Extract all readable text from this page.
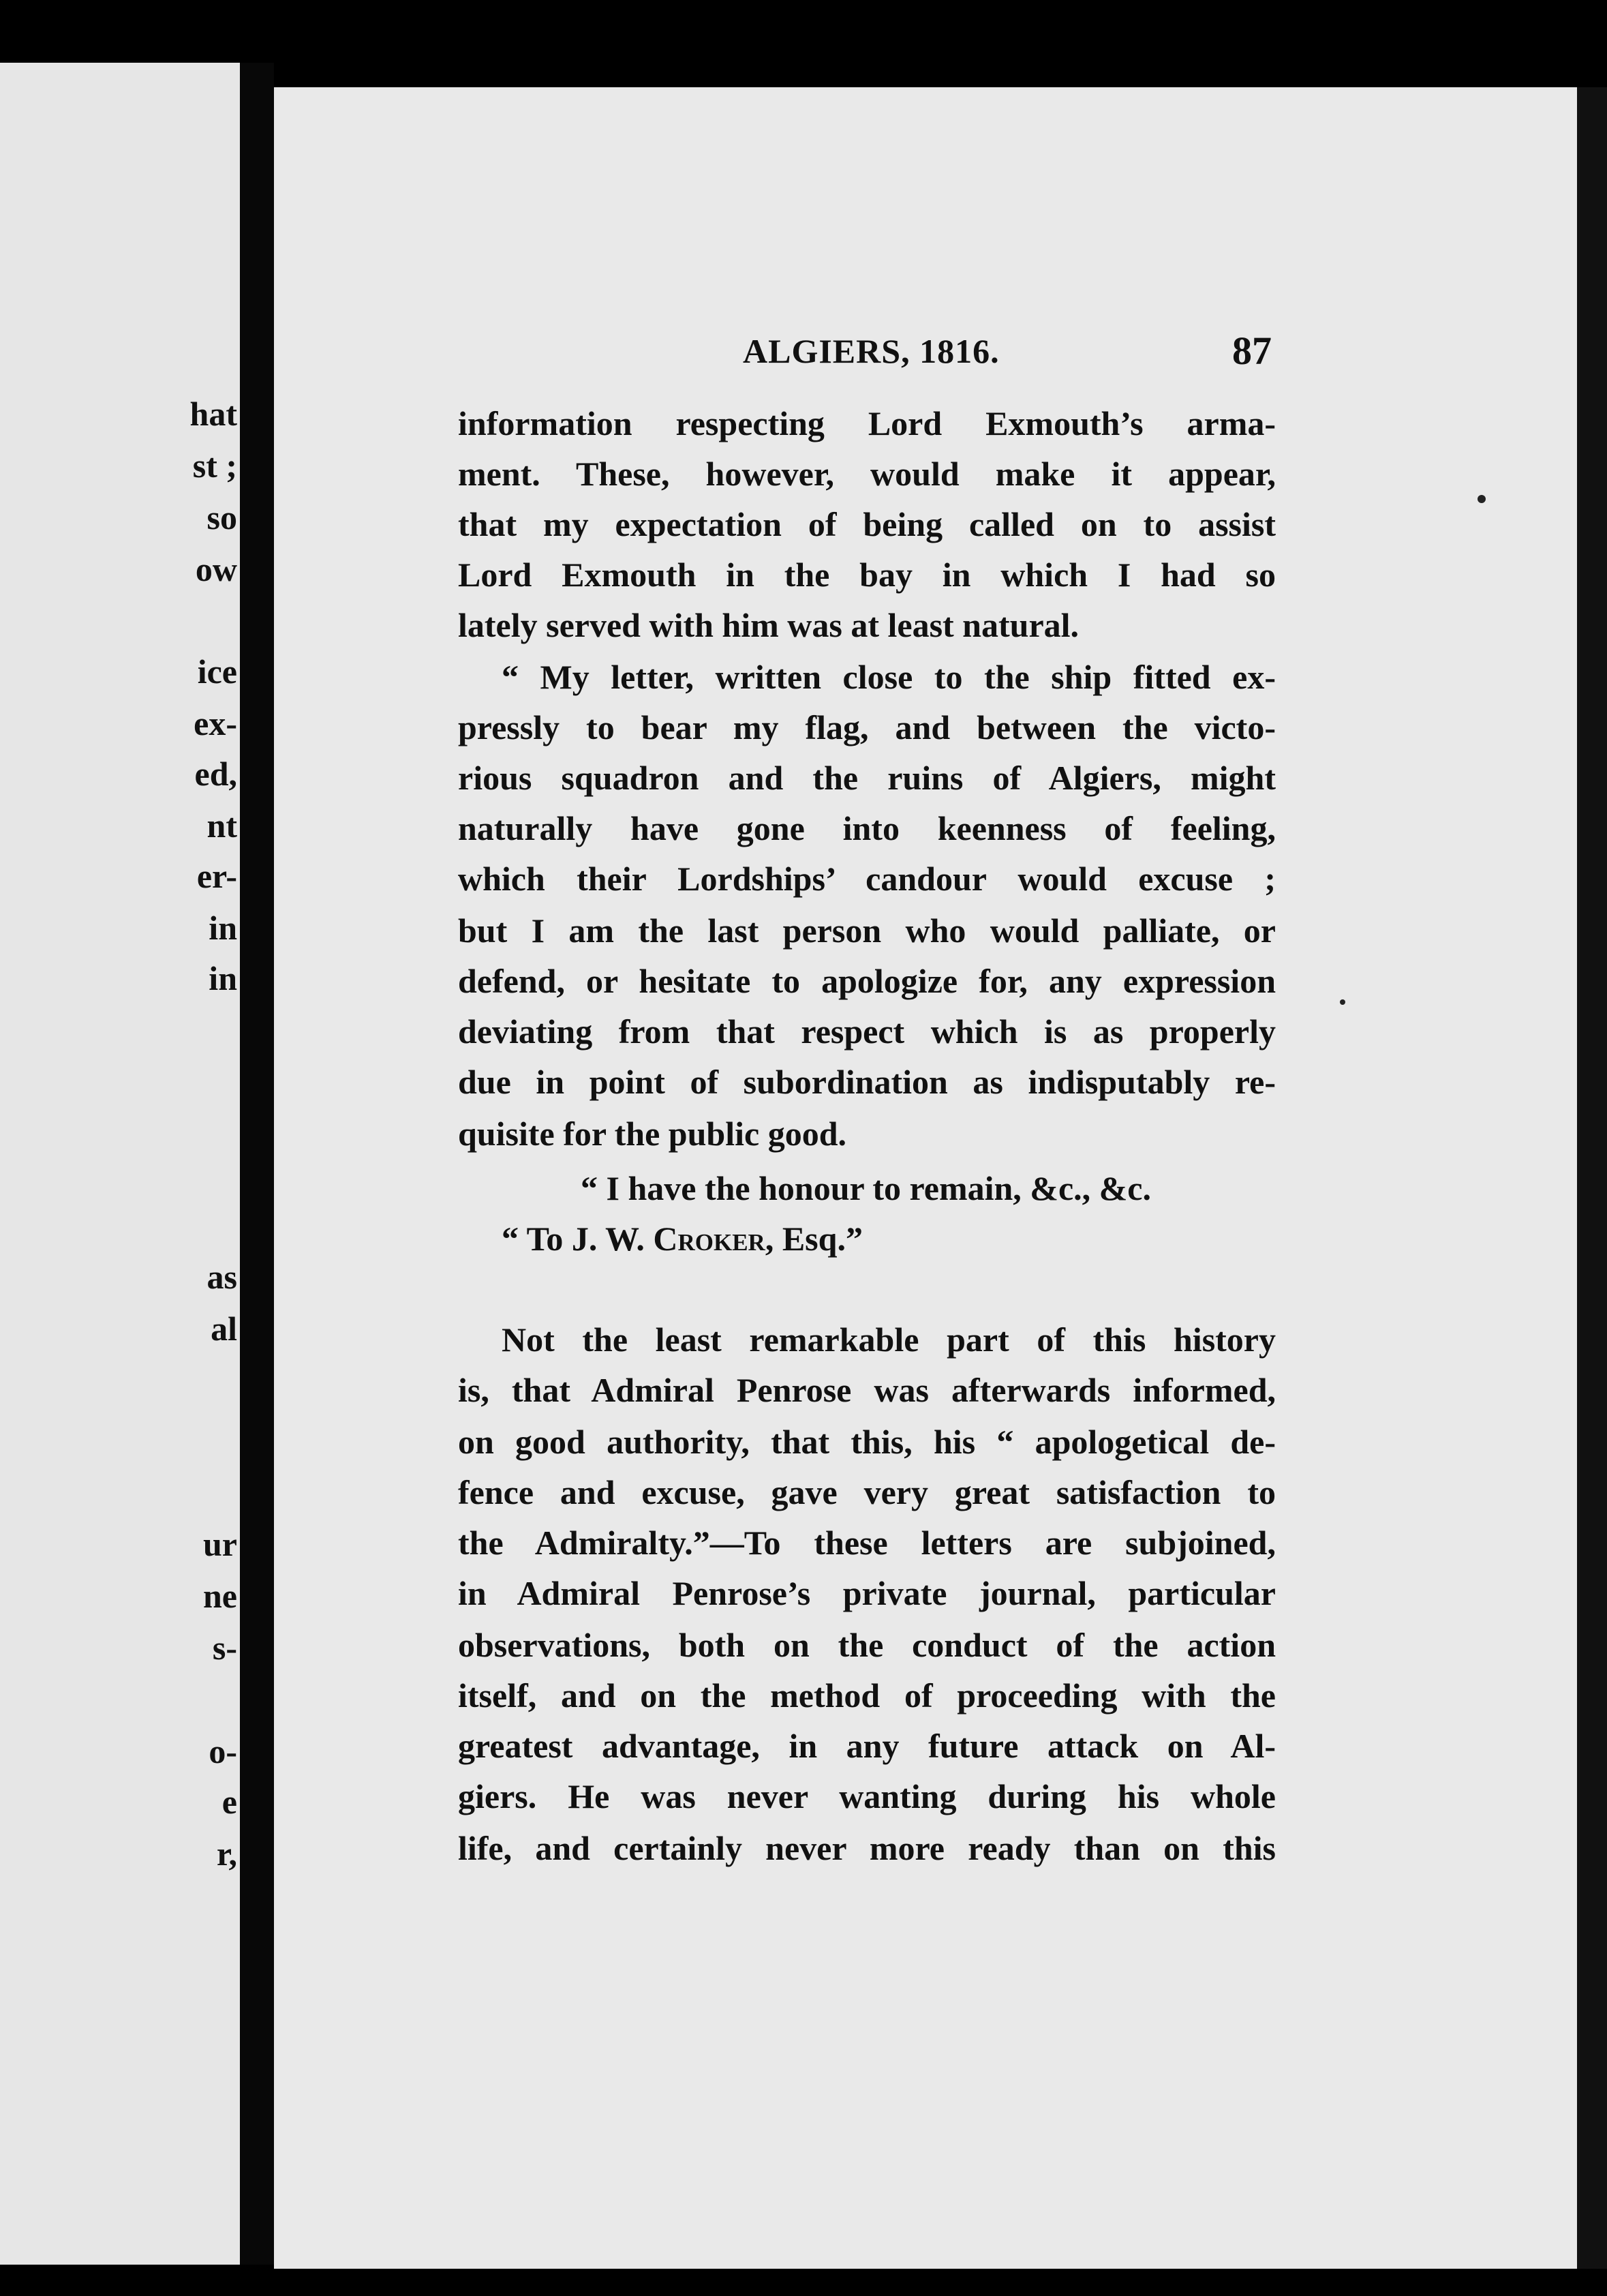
hat
st ;
so
ow
ice
ex-
ed,
nt
er-
in
in
as
al
ur
ne
s-
o-
e
r,
ALGIERS, 1816.	87
information respecting Lord Exmouth’s arma-
ment. These, however, would make it appear,
that my expectation of being called on to assist
Lord Exmouth in the bay in which I had so
lately served with him was at least natural.
“ My letter, written close to the ship fitted ex-
pressly to bear my flag, and between the victo-
rious squadron and the ruins of Algiers, might
naturally have gone into keenness of feeling,
which their Lordships’ candour would excuse ;
but I am the last person who would palliate, or
defend, or hesitate to apologize for, any expression
deviating from that respect which is as properly
due in point of subordination as indisputably re-
quisite for the public good.
“ I have the honour to remain, &c., &c.
“ To J. W. Croker, Esq.”
Not the least remarkable part of this history
is, that Admiral Penrose was afterwards informed,
on good authority, that this, his “ apologetical de-
fence and excuse, gave very great satisfaction to
the Admiralty.”—To these letters are subjoined,
in Admiral Penrose’s private journal, particular
observations, both on the conduct of the action
itself, and on the method of proceeding with the
greatest advantage, in any future attack on Al-
giers. He was never wanting during his whole
life, and certainly never more ready than on this
